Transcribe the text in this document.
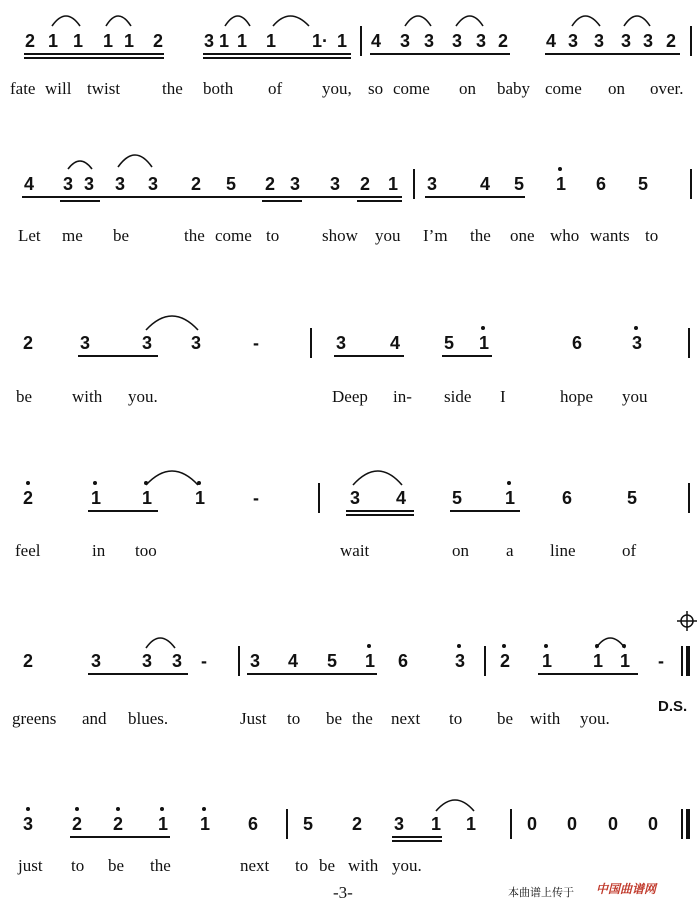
2 1 1 1 1 2 3 1 1 1 1· 1 4 3 3 3 3 2 4 3 3 3 3 2
fate will twist the both of you, so come on baby come on over.
4 3 3 3 3 2 5 2 3 3 2 1 3 4 5 1 6 5
Let me be	the come to	show you I’m the one who wants to
2	3	3 3	-	3 4 5 1	6	3
be with you.	Deep in- side I	hope you
2	1 1 1	-	3 4	5 1	6	5
feel	in too	wait	on a line	of
2	3 3 3 - 3 4 5 1 6	3 2 1 1 1 -
D.S.
greens and blues.	Just to be the next to be with you.
3 2 2 1 1 6 5 2 3 1 1	0 0 0 0
just to be the	next to be with you.
-3-	本曲谱上传于 中国曲谱网
